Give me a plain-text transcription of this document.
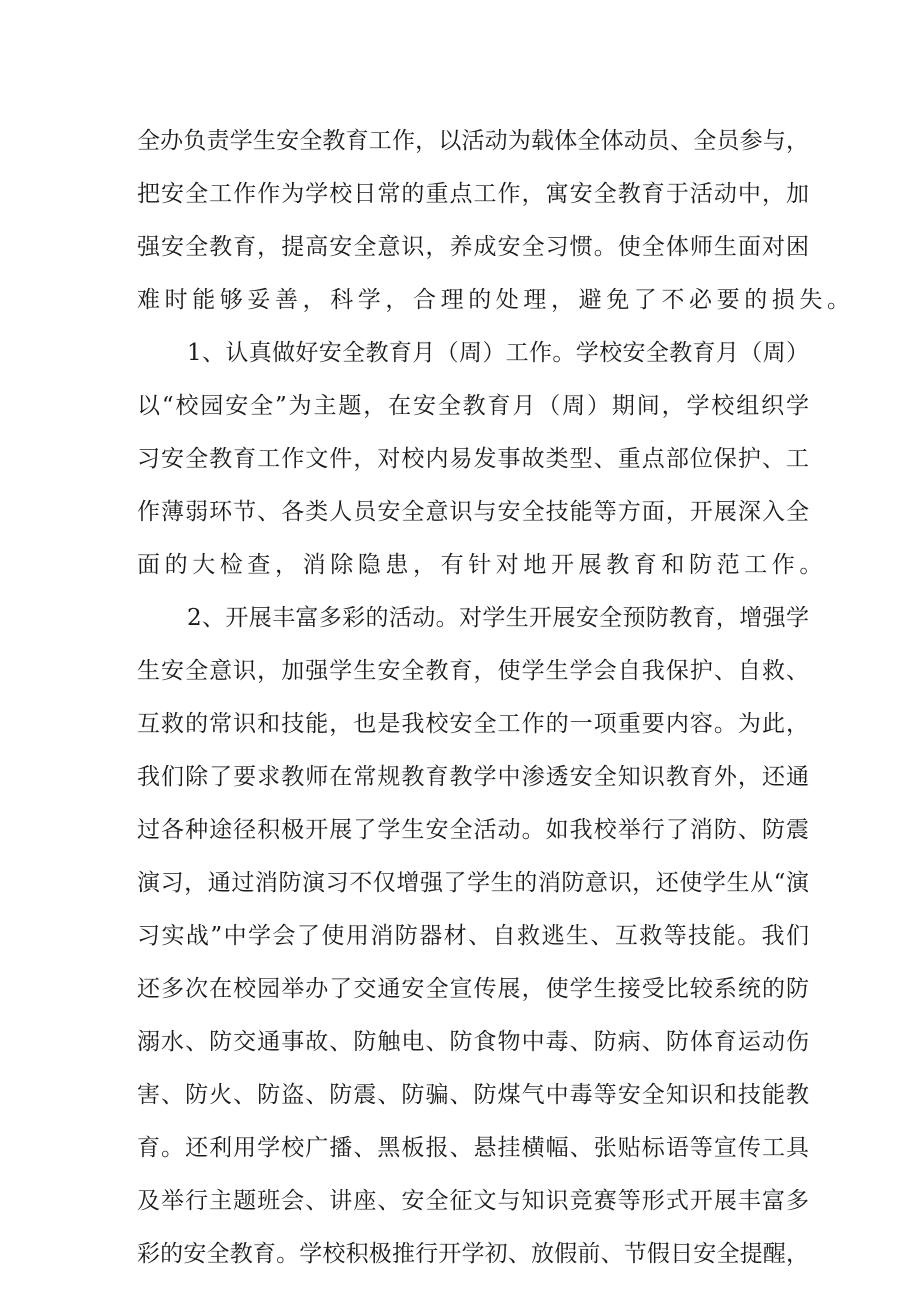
全办负责学生安全教育工作，以活动为载体全体动员、全员参与，
把安全工作作为学校日常的重点工作，寓安全教育于活动中，加
强安全教育，提高安全意识，养成安全习惯。使全体师生面对困
难时能够妥善，科学，合理的处理，避免了不必要的损失。
1、认真做好安全教育月（周）工作。学校安全教育月（周）
以“校园安全”为主题，在安全教育月（周）期间，学校组织学
习安全教育工作文件，对校内易发事故类型、重点部位保护、工
作薄弱环节、各类人员安全意识与安全技能等方面，开展深入全
面的大检查，消除隐患，有针对地开展教育和防范工作。
2、开展丰富多彩的活动。对学生开展安全预防教育，增强学
生安全意识，加强学生安全教育，使学生学会自我保护、自救、
互救的常识和技能，也是我校安全工作的一项重要内容。为此，
我们除了要求教师在常规教育教学中渗透安全知识教育外，还通
过各种途径积极开展了学生安全活动。如我校举行了消防、防震
演习，通过消防演习不仅增强了学生的消防意识，还使学生从“演
习实战”中学会了使用消防器材、自救逃生、互救等技能。我们
还多次在校园举办了交通安全宣传展，使学生接受比较系统的防
溺水、防交通事故、防触电、防食物中毒、防病、防体育运动伤
害、防火、防盗、防震、防骗、防煤气中毒等安全知识和技能教
育。还利用学校广播、黑板报、悬挂横幅、张贴标语等宣传工具
及举行主题班会、讲座、安全征文与知识竞赛等形式开展丰富多
彩的安全教育。学校积极推行开学初、放假前、节假日安全提醒，
